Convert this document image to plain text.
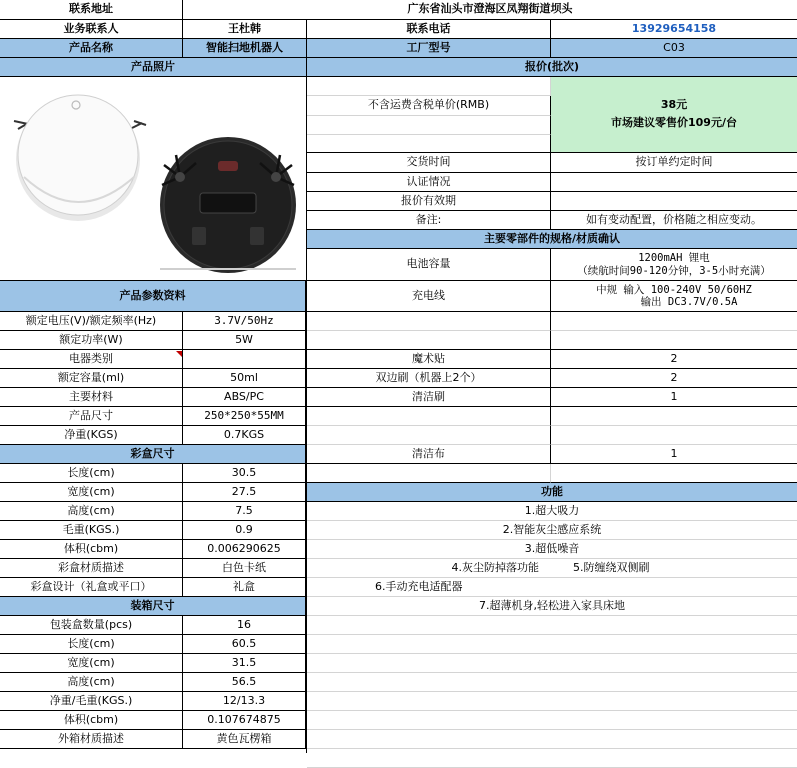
联系地址	广东省汕头市澄海区凤翔街道坝头
业务联系人	王杜韩	联系电话	13929654158
产品名称	智能扫地机器人	工厂型号	C03
产品照片	报价(批次)
不含运费含税单价(RMB)	38元
市场建议零售价109元/台
交货时间	按订单约定时间
认证情况
报价有效期
备注:	如有变动配置，价格随之相应变动。
主要零部件的规格/材质确认
电池容量	1200mAH 锂电
（续航时间90-120分钟，3-5小时充满）
产品参数资料	充电线	中规 输入 100-240V 50/60HZ
输出 DC3.7V/0.5A
额定电压(V)/额定频率(Hz)	3.7V/50Hz
额定功率(W)	5W
电器类别
额定容量(ml)	50ml
主要材料	ABS/PC
产品尺寸	250*250*55MM
净重(KGS)	0.7KGS
彩盒尺寸
长度(cm)	30.5
宽度(cm)	27.5
高度(cm)	7.5
毛重(KGS.)	0.9
体积(cbm)	0.006290625
彩盒材质描述	白色卡纸
彩盒设计（礼盒或平口）	礼盒
装箱尺寸
包装盒数量(pcs)	16
长度(cm)	60.5
宽度(cm)	31.5
高度(cm)	56.5
净重/毛重(KGS.)	12/13.3
体积(cbm)	0.107674875
外箱材质描述	黄色瓦楞箱
魔术贴	2
双边刷（机器上2个）	2
清洁刷	1
清洁布	1
功能
1.超大吸力
2.智能灰尘感应系统
3.超低噪音
4.灰尘防掉落功能	5.防缠绕双侧刷
6.手动充电适配器
7.超薄机身,轻松进入家具床地
